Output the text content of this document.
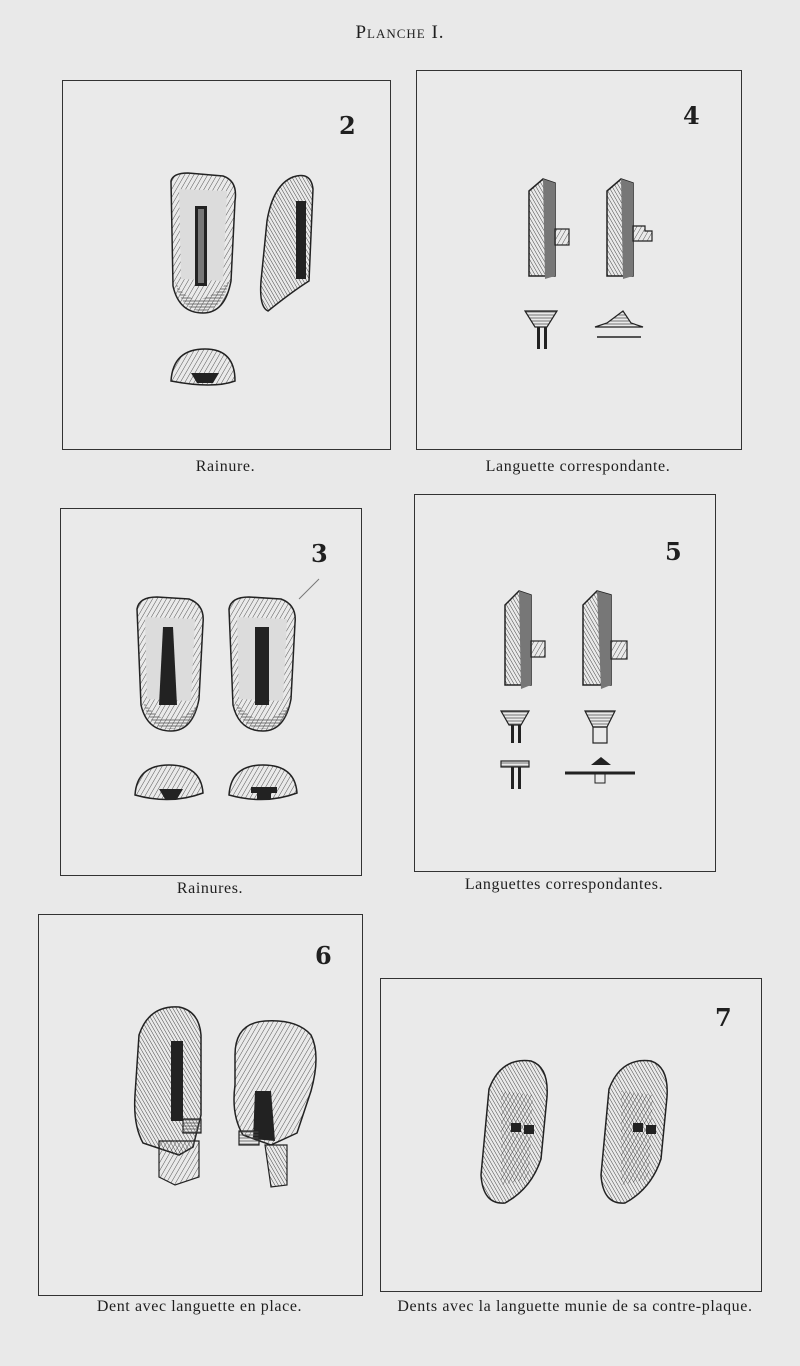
Planche I.
2
Rainure.
4
Languette correspondante.
3
Rainures.
5
Languettes correspondantes.
6
Dent avec languette en place.
7
Dents avec la languette munie de sa contre-plaque.
